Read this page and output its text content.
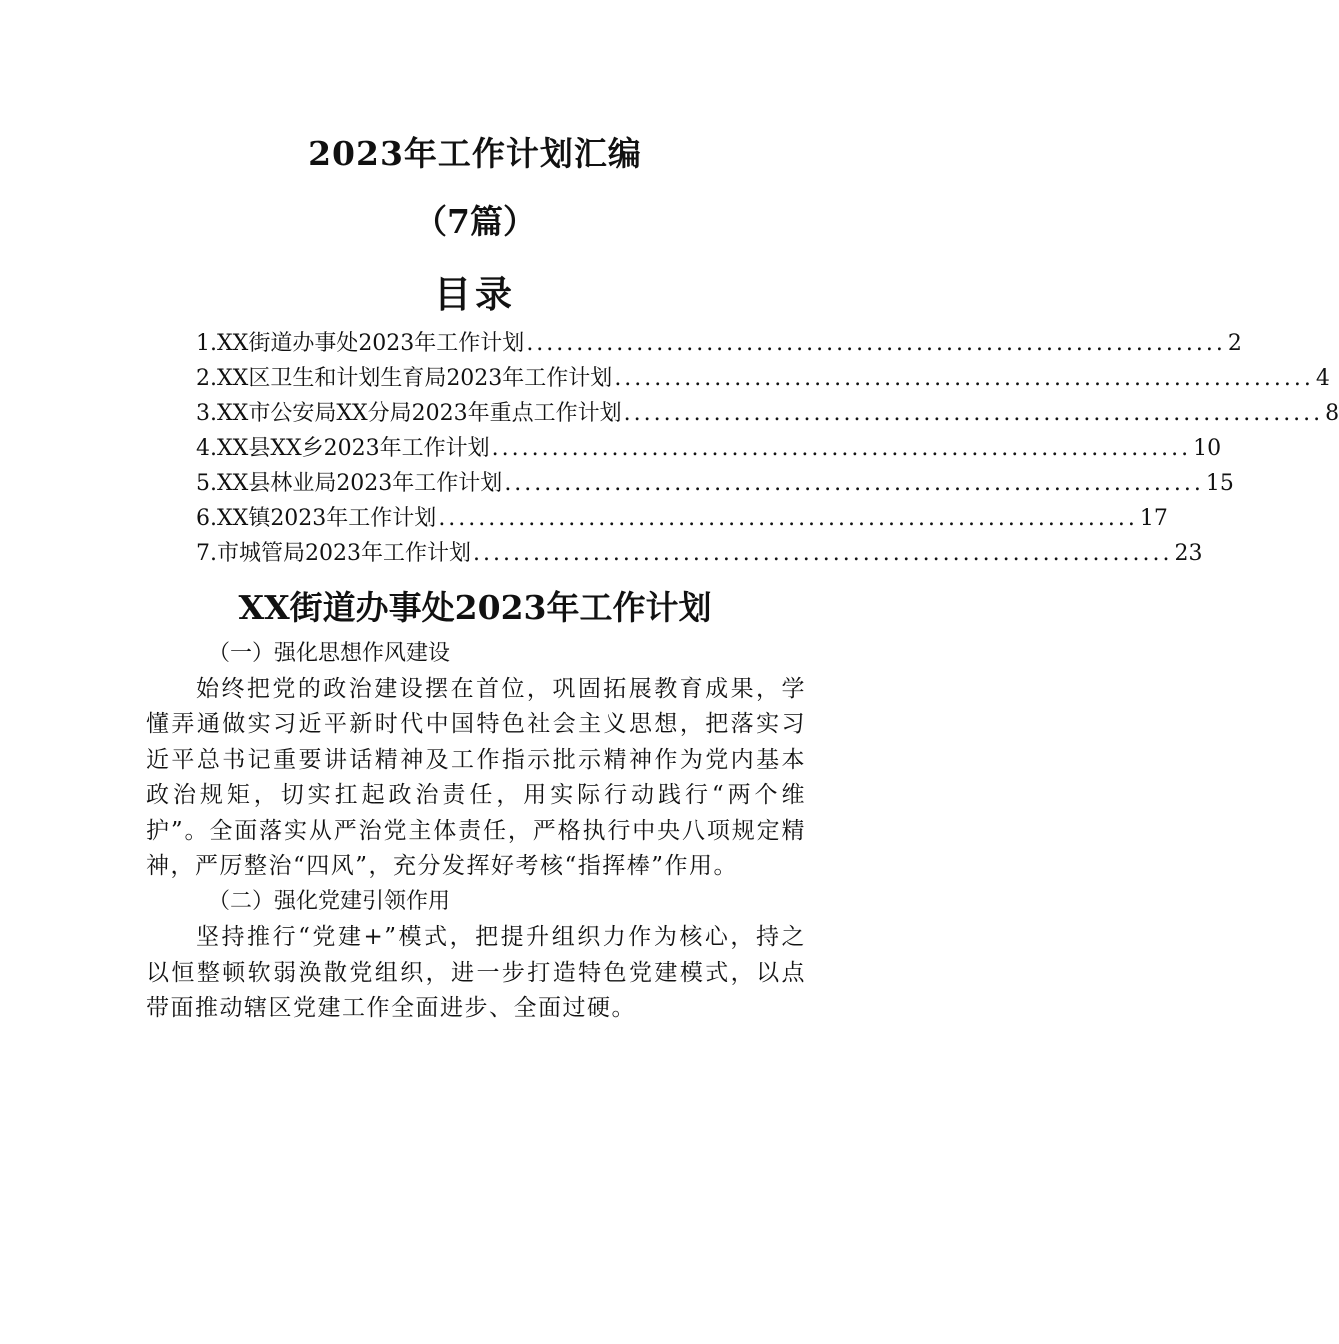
2023年工作计划汇编
（7篇）
目录
1.XX街道办事处2023年工作计划 ...................................................................... 2
2.XX区卫生和计划生育局2023年工作计划 ...................................................................... 4
3.XX市公安局XX分局2023年重点工作计划 ...................................................................... 8
4.XX县XX乡2023年工作计划 ...................................................................... 10
5.XX县林业局2023年工作计划 ...................................................................... 15
6.XX镇2023年工作计划 ...................................................................... 17
7.市城管局2023年工作计划 ...................................................................... 23
XX街道办事处2023年工作计划

（一）强化思想作风建设

始终把党的政治建设摆在首位，巩固拓展教育成果，学懂弄通做实习近平新时代中国特色社会主义思想，把落实习近平总书记重要讲话精神及工作指示批示精神作为党内基本政治规矩，切实扛起政治责任，用实际行动践行“两个维护”。全面落实从严治党主体责任，严格执行中央八项规定精神，严厉整治“四风”，充分发挥好考核“指挥棒”作用。

（二）强化党建引领作用

坚持推行“党建+”模式，把提升组织力作为核心，持之以恒整顿软弱涣散党组织，进一步打造特色党建模式，以点带面推动辖区党建工作全面进步、全面过硬。
